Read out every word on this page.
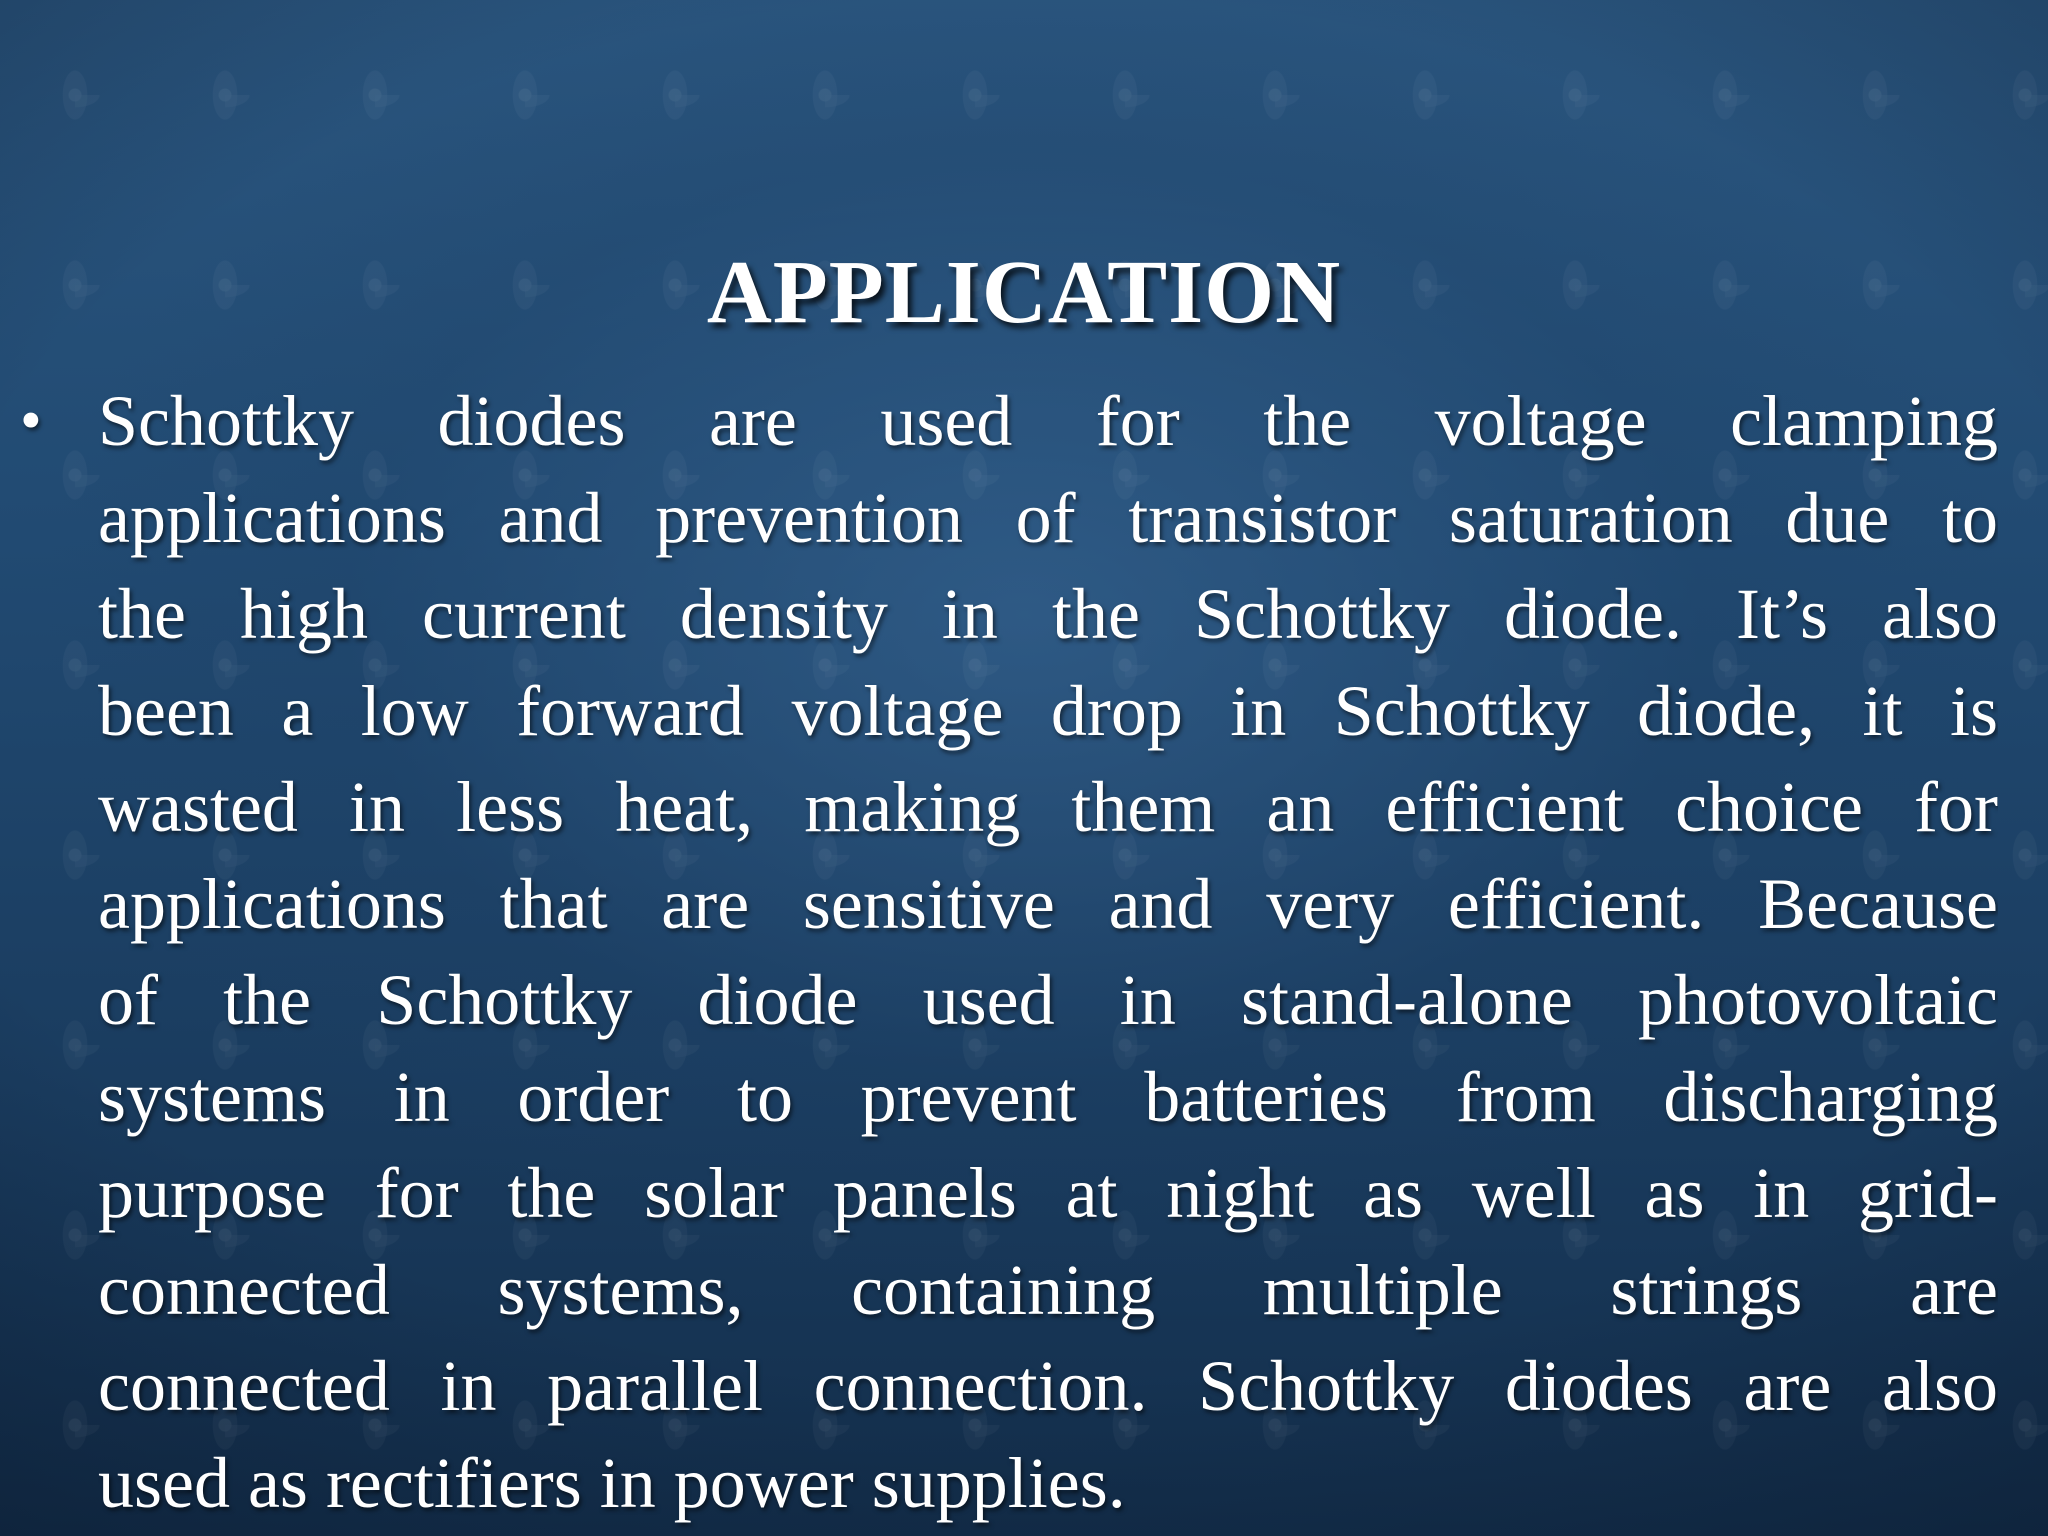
APPLICATION
• Schottky diodes are used for the voltage clamping
applications and prevention of transistor saturation due to
the high current density in the Schottky diode. It’s also
been a low forward voltage drop in Schottky diode, it is
wasted in less heat, making them an efficient choice for
applications that are sensitive and very efficient. Because
of the Schottky diode used in stand-alone photovoltaic
systems in order to prevent batteries from discharging
purpose for the solar panels at night as well as in grid-
connected systems, containing multiple strings are
connected in parallel connection. Schottky diodes are also
used as rectifiers in power supplies.
